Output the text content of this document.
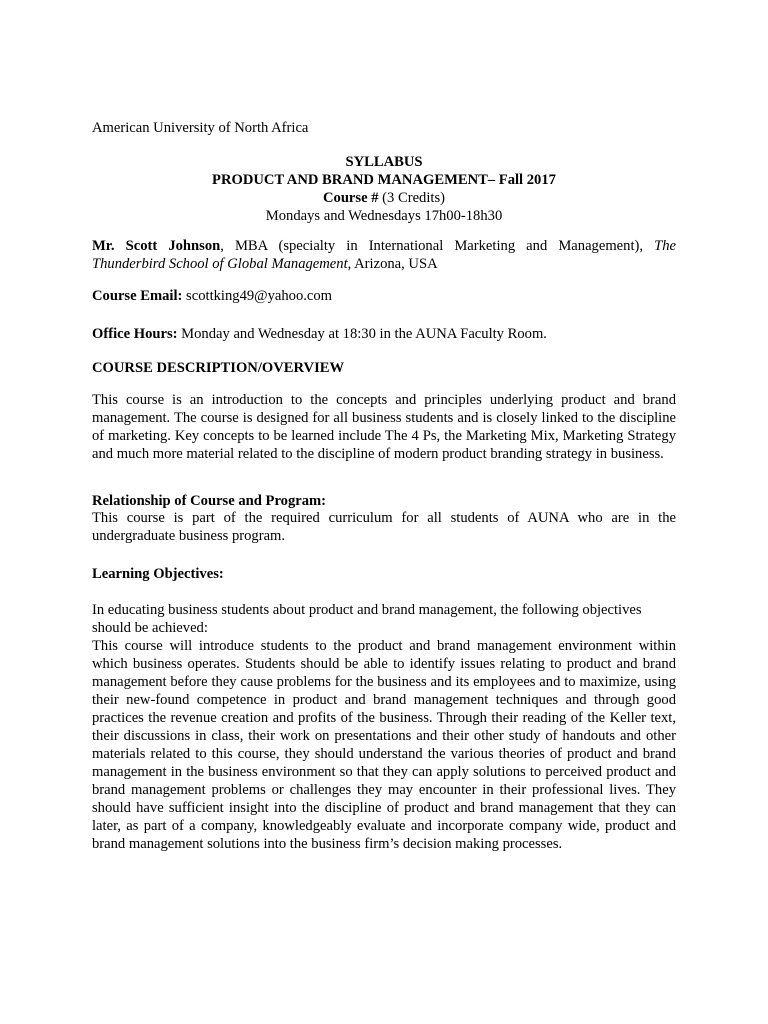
American University of North Africa

SYLLABUS

PRODUCT AND BRAND MANAGEMENT– Fall 2017

Course # (3 Credits)

Mondays and Wednesdays 17h00-18h30

Mr. Scott Johnson, MBA (specialty in International Marketing and Management), The Thunderbird School of Global Management, Arizona, USA

Course Email: scottking49@yahoo.com

Office Hours: Monday and Wednesday at 18:30 in the AUNA Faculty Room.

COURSE DESCRIPTION/OVERVIEW

This course is an introduction to the concepts and principles underlying product and brand management. The course is designed for all business students and is closely linked to the discipline of marketing. Key concepts to be learned include The 4 Ps, the Marketing Mix, Marketing Strategy and much more material related to the discipline of modern product branding strategy in business.

Relationship of Course and Program:

This course is part of the required curriculum for all students of AUNA who are in the undergraduate business program.

Learning Objectives:

In educating business students about product and brand management, the following objectives should be achieved:

This course will introduce students to the product and brand management environment within which business operates. Students should be able to identify issues relating to product and brand management before they cause problems for the business and its employees and to maximize, using their new-found competence in product and brand management techniques and through good practices the revenue creation and profits of the business. Through their reading of the Keller text, their discussions in class, their work on presentations and their other study of handouts and other materials related to this course, they should understand the various theories of product and brand management in the business environment so that they can apply solutions to perceived product and brand management problems or challenges they may encounter in their professional lives. They should have sufficient insight into the discipline of product and brand management that they can later, as part of a company, knowledgeably evaluate and incorporate company wide, product and brand management solutions into the business firm’s decision making processes.
